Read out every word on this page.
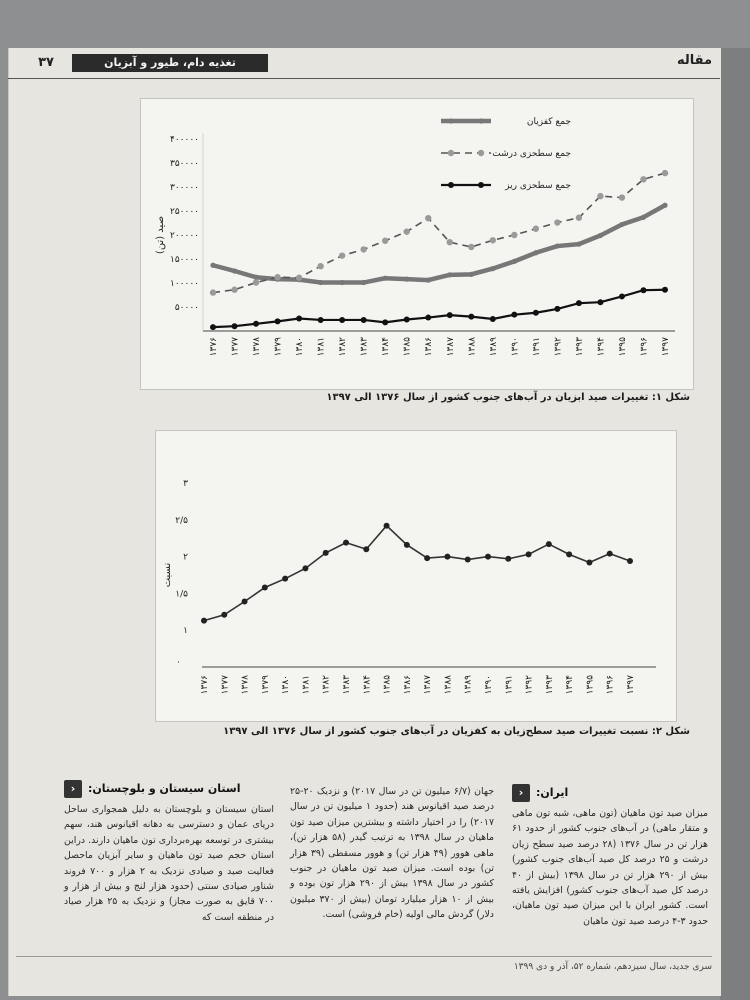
۳۷	تغذیه دام، طیور و آبزیان	مقاله
۵۰۰۰۰
۱۰۰۰۰۰
۱۵۰۰۰۰
۲۰۰۰۰۰
۲۵۰۰۰۰
۳۰۰۰۰۰
۳۵۰۰۰۰
۴۰۰۰۰۰
۱۳۷۶ ۱۳۷۷ ۱۳۷۸ ۱۳۷۹ ۱۳۸۰ ۱۳۸۱ ۱۳۸۲ ۱۳۸۳ ۱۳۸۴ ۱۳۸۵ ۱۳۸۶ ۱۳۸۷ ۱۳۸۸ ۱۳۸۹ ۱۳۹۰ ۱۳۹۱ ۱۳۹۲ ۱۳۹۳ ۱۳۹۴ ۱۳۹۵ ۱۳۹۶ ۱۳۹۷
صید (تن)
جمع کفزیان
جمع سطحزی درشت
جمع سطحزی ریز
شکل ۱: تغییرات صید ابزیان در آب‌های جنوب کشور از سال ۱۳۷۶ الی ۱۳۹۷
۱
۱/۵
۲
۲/۵
۳
.
۱۳۷۶ ۱۳۷۷ ۱۳۷۸ ۱۳۷۹ ۱۳۸۰ ۱۳۸۱ ۱۳۸۲ ۱۳۸۳ ۱۳۸۴ ۱۳۸۵ ۱۳۸۶ ۱۳۸۷ ۱۳۸۸ ۱۳۸۹ ۱۳۹۰ ۱۳۹۱ ۱۳۹۲ ۱۳۹۳ ۱۳۹۴ ۱۳۹۵ ۱۳۹۶ ۱۳۹۷
نسبت
شکل ۲: نسبت تغییرات صید سطح‌زیان به کفزیان در آب‌های جنوب کشور از سال ۱۳۷۶ الی ۱۳۹۷
‹	ایران:
میزان صید تون ماهیان (تون ماهی، شبه تون ماهی و متقار ماهی) در آب‌های جنوب کشور از حدود ۶۱ هزار تن در سال ۱۳۷۶ (۲۸ درصد صید سطح زیان درشت و ۲۵ درصد کل صید آب‌های جنوب کشور) بیش از ۲۹۰ هزار تن در سال ۱۳۹۸ (بیش از ۴۰ درصد کل صید آب‌های جنوب کشور) افزایش یافته است. کشور ایران با این میزان صید تون ماهیان، حدود ۳-۴ درصد صید تون ماهیان
جهان (۶/۷ میلیون تن در سال ۲۰۱۷) و نزدیک ۲۰-۲۵ درصد صید اقیانوس هند (حدود ۱ میلیون تن در سال ۲۰۱۷) را در اختیار داشته و بیشترین میزان صید تون ماهیان در سال ۱۳۹۸ به ترتیب گیدر (۵۸ هزار تن)، ماهی هوور (۴۹ هزار تن) و هوور مسقطی (۳۹ هزار تن) بوده است. میزان صید تون ماهیان در جنوب کشور در سال ۱۳۹۸ بیش از ۲۹۰ هزار تون بوده و بیش از ۱۰ هزار میلیارد تومان (بیش از ۳۷۰ میلیون دلار) گردش مالی اولیه (خام فروشی) است.
‹	استان سیستان و بلوچستان:
استان سیستان و بلوچستان به دلیل همجواری ساحل دریای عمان و دسترسی به دهانه اقیانوس هند، سهم بیشتری در توسعه بهره‌برداری تون ماهیان دارند. دراین استان حجم صید تون ماهیان و سایر آبزیان ماحصل فعالیت صید و صیادی نزدیک به ۲ هزار و ۷۰۰ فروند شناور صیادی سنتی (حدود هزار لنج و بیش از هزار و ۷۰۰ قایق به صورت مجاز) و نزدیک به ۲۵ هزار صیاد در منطقه است که
سری جدید، سال سیزدهم، شماره ۵۲، آذر و دی ۱۳۹۹
